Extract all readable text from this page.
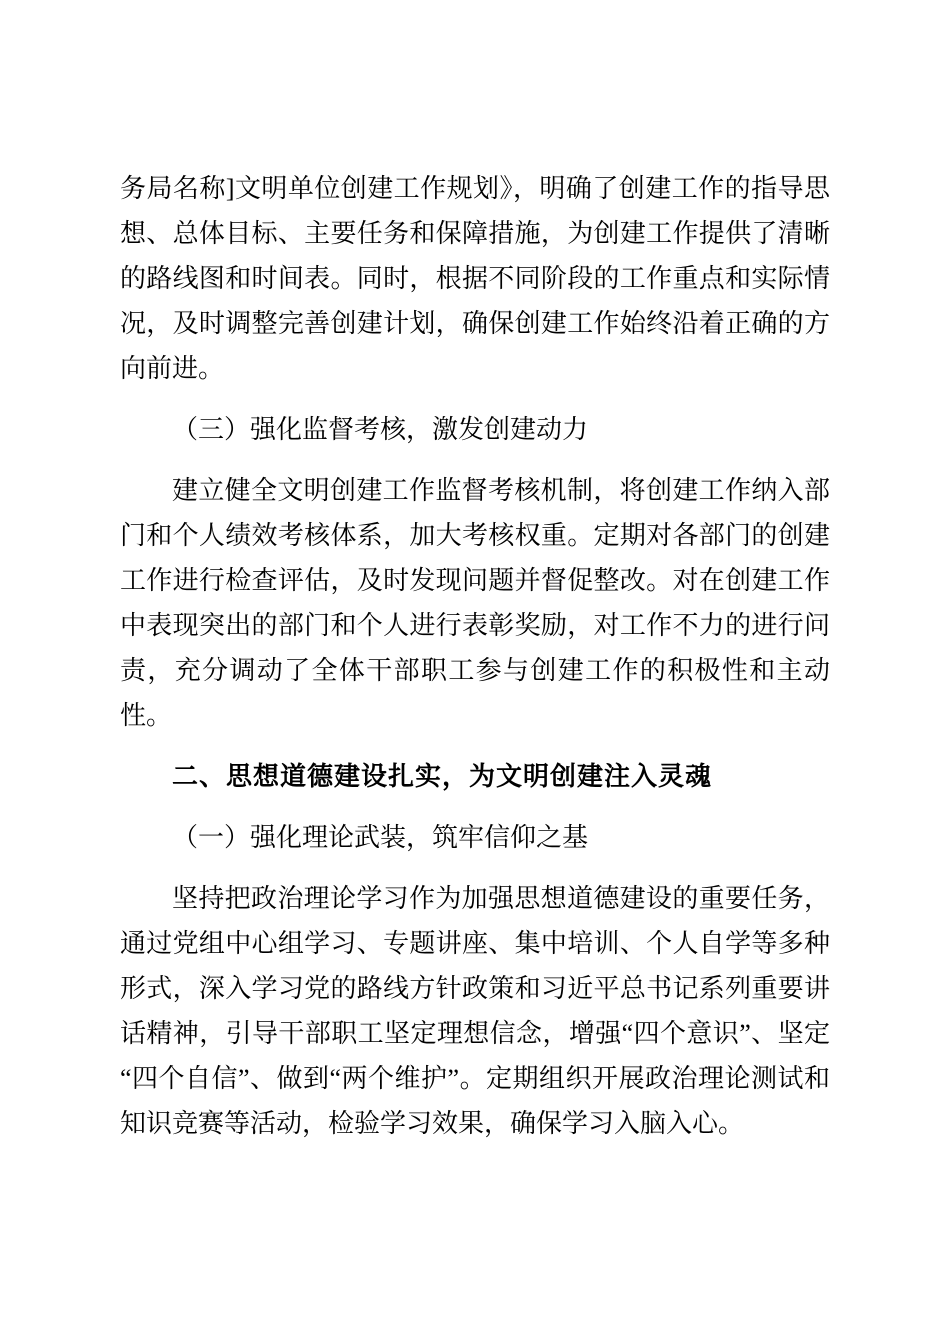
务局名称]文明单位创建工作规划》，明确了创建工作的指导思想、总体目标、主要任务和保障措施，为创建工作提供了清晰的路线图和时间表。同时，根据不同阶段的工作重点和实际情况，及时调整完善创建计划，确保创建工作始终沿着正确的方向前进。

（三）强化监督考核，激发创建动力

建立健全文明创建工作监督考核机制，将创建工作纳入部门和个人绩效考核体系，加大考核权重。定期对各部门的创建工作进行检查评估，及时发现问题并督促整改。对在创建工作中表现突出的部门和个人进行表彰奖励，对工作不力的进行问责，充分调动了全体干部职工参与创建工作的积极性和主动性。

二、思想道德建设扎实，为文明创建注入灵魂

（一）强化理论武装，筑牢信仰之基

坚持把政治理论学习作为加强思想道德建设的重要任务，通过党组中心组学习、专题讲座、集中培训、个人自学等多种形式，深入学习党的路线方针政策和习近平总书记系列重要讲话精神，引导干部职工坚定理想信念，增强“四个意识”、坚定“四个自信”、做到“两个维护”。定期组织开展政治理论测试和知识竞赛等活动，检验学习效果，确保学习入脑入心。
